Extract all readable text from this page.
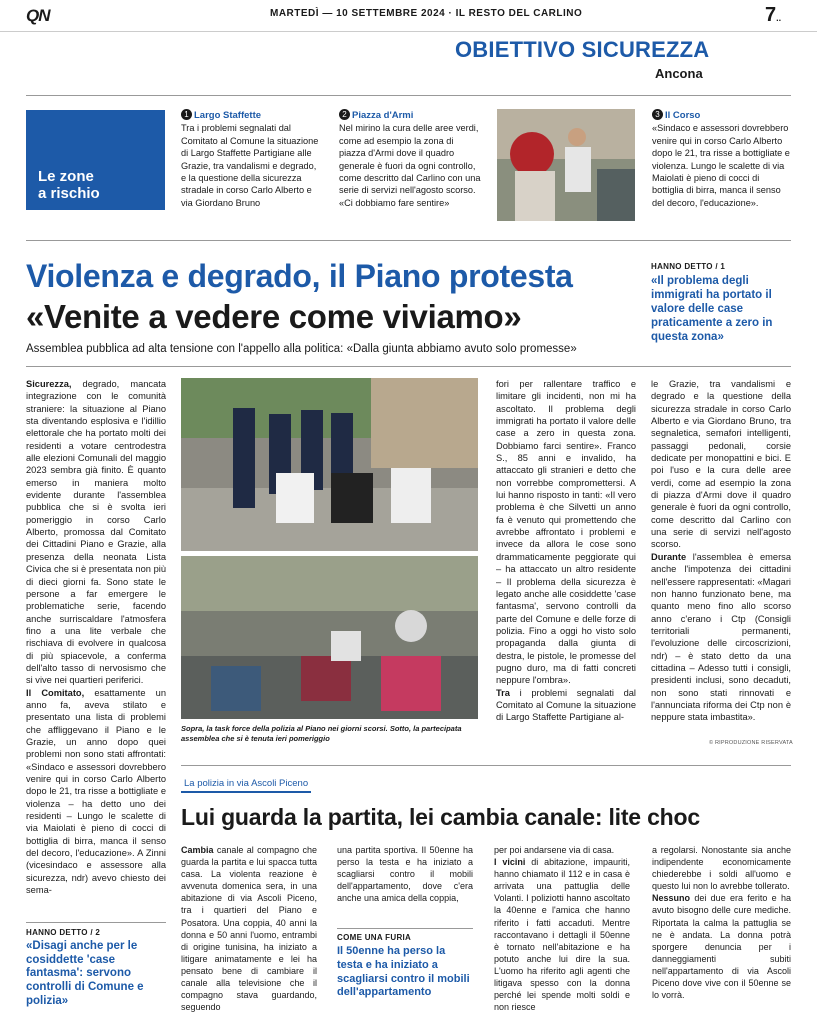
QN	MARTEDÌ — 10 SETTEMBRE 2024 · IL RESTO DEL CARLINO	7..
OBIETTIVO SICUREZZA
Ancona
Le zone
a rischio
1 Largo Staffette
Tra i problemi segnalati dal Comitato al Comune la situazione di Largo Staffette Partigiane alle Grazie, tra vandalismi e degrado, e la questione della sicurezza stradale in corso Carlo Alberto e via Giordano Bruno
2 Piazza d'Armi
Nel mirino la cura delle aree verdi, come ad esempio la zona di piazza d'Armi dove il quadro generale è fuori da ogni controllo, come descritto dal Carlino con una serie di servizi nell'agosto scorso. «Ci dobbiamo fare sentire»
3 Il Corso
«Sindaco e assessori dovrebbero venire qui in corso Carlo Alberto dopo le 21, tra risse a bottigliate e violenza. Lungo le scalette di via Maiolati è pieno di cocci di bottiglia di birra, manca il senso del decoro, l'educazione».
Violenza e degrado, il Piano protesta
«Venite a vedere come viviamo»
Assemblea pubblica ad alta tensione con l'appello alla politica: «Dalla giunta abbiamo avuto solo promesse»
HANNO DETTO / 1
«Il problema degli immigrati ha portato il valore delle case praticamente a zero in questa zona»
Sicurezza, degrado, mancata integrazione con le comunità straniere: la situazione al Piano sta diventando esplosiva e l'idillio elettorale che ha portato molti dei residenti a votare centrodestra alle elezioni Comunali del maggio 2023 sembra già finito. È quanto emerso in maniera molto evidente durante l'assemblea pubblica che si è svolta ieri pomeriggio in corso Carlo Alberto, promossa dal Comitato dei Cittadini Piano e Grazie, alla presenza della neonata Lista Civica che si è presentata non più di dieci giorni fa. Sono state le persone a far emergere le problematiche serie, facendo anche surriscaldare l'atmosfera fino a una lite verbale che rischiava di evolvere in qualcosa di più spiacevole, a conferma dell'alto tasso di nervosismo che si vive nei quartieri periferici.
Il Comitato, esattamente un anno fa, aveva stilato e presentato una lista di problemi che affliggevano il Piano e le Grazie, un anno dopo quei problemi non sono stati affrontati: «Sindaco e assessori dovrebbero venire qui in corso Carlo Alberto dopo le 21, tra risse a bottigliate e violenza – ha detto uno dei residenti – Lungo le scalette di via Maiolati è pieno di cocci di bottiglia di birra, manca il senso del decoro, l'educazione». A Zinni (vicesindaco e assessore alla sicurezza, ndr) avevo chiesto dei sema-
Sopra, la task force della polizia al Piano nei giorni scorsi. Sotto, la partecipata assemblea che si è tenuta ieri pomeriggio
fori per rallentare traffico e limitare gli incidenti, non mi ha ascoltato. Il problema degli immigrati ha portato il valore delle case a zero in questa zona. Dobbiamo farci sentire». Franco S., 85 anni e invalido, ha attaccato gli stranieri e detto che non vorrebbe compromettersi. A lui hanno risposto in tanti: «Il vero problema è che Silvetti un anno fa è venuto qui promettendo che avrebbe affrontato i problemi e invece da allora le cose sono drammaticamente peggiorate qui – ha attaccato un altro residente – Il problema della sicurezza è legato anche alle cosiddette 'case fantasma', servono controlli da parte del Comune e delle forze di polizia. Fino a oggi ho visto solo propaganda dalla giunta di destra, le pistole, le promesse del pugno duro, ma di fatti concreti neppure l'ombra».
Tra i problemi segnalati dal Comitato al Comune la situazione di Largo Staffette Partigiane al-
le Grazie, tra vandalismi e degrado e la questione della sicurezza stradale in corso Carlo Alberto e via Giordano Bruno, tra segnaletica, semafori intelligenti, passaggi pedonali, corsie dedicate per monopattini e bici. E poi l'uso e la cura delle aree verdi, come ad esempio la zona di piazza d'Armi dove il quadro generale è fuori da ogni controllo, come descritto dal Carlino con una serie di servizi nell'agosto scorso.
Durante l'assemblea è emersa anche l'impotenza dei cittadini nell'essere rappresentati: «Magari non hanno funzionato bene, ma quanto meno fino allo scorso anno c'erano i Ctp (Consigli territoriali permanenti, l'evoluzione delle circoscrizioni, ndr) – è stato detto da una cittadina – Adesso tutti i consigli, presidenti inclusi, sono decaduti, non sono stati rinnovati e l'annunciata riforma dei Ctp non è neppure stata imbastita».
© RIPRODUZIONE RISERVATA
HANNO DETTO / 2
«Disagi anche per le cosiddette 'case fantasma': servono controlli di Comune e polizia»
La polizia in via Ascoli Piceno
Lui guarda la partita, lei cambia canale: lite choc
Cambia canale al compagno che guarda la partita e lui spacca tutta casa. La violenta reazione è avvenuta domenica sera, in una abitazione di via Ascoli Piceno, tra i quartieri del Piano e Posatora. Una coppia, 40 anni la donna e 50 anni l'uomo, entrambi di origine tunisina, ha iniziato a litigare animatamente e lei ha pensato bene di cambiare il canale alla televisione che il compagno stava guardando, seguendo
una partita sportiva. Il 50enne ha perso la testa e ha iniziato a scagliarsi contro il mobili dell'appartamento, dove c'era anche una amica della coppia,
COME UNA FURIA
Il 50enne ha perso la testa e ha iniziato a scagliarsi contro il mobili dell'appartamento
per poi andarsene via di casa.
I vicini di abitazione, impauriti, hanno chiamato il 112 e in casa è arrivata una pattuglia delle Volanti. I poliziotti hanno ascoltato la 40enne e l'amica che hanno riferito i fatti accaduti. Mentre raccontavano i dettagli il 50enne è tornato nell'abitazione e ha potuto anche lui dire la sua. L'uomo ha riferito agli agenti che litigava spesso con la donna perché lei spende molti soldi e non riesce
a regolarsi. Nonostante sia anche indipendente economicamente chiederebbe i soldi all'uomo e questo lui non lo avrebbe tollerato.
Nessuno dei due era ferito e ha avuto bisogno delle cure mediche. Riportata la calma la pattuglia se ne è andata. La donna potrà sporgere denuncia per i danneggiamenti subiti nell'appartamento di via Ascoli Piceno dove vive con il 50enne se lo vorrà.
